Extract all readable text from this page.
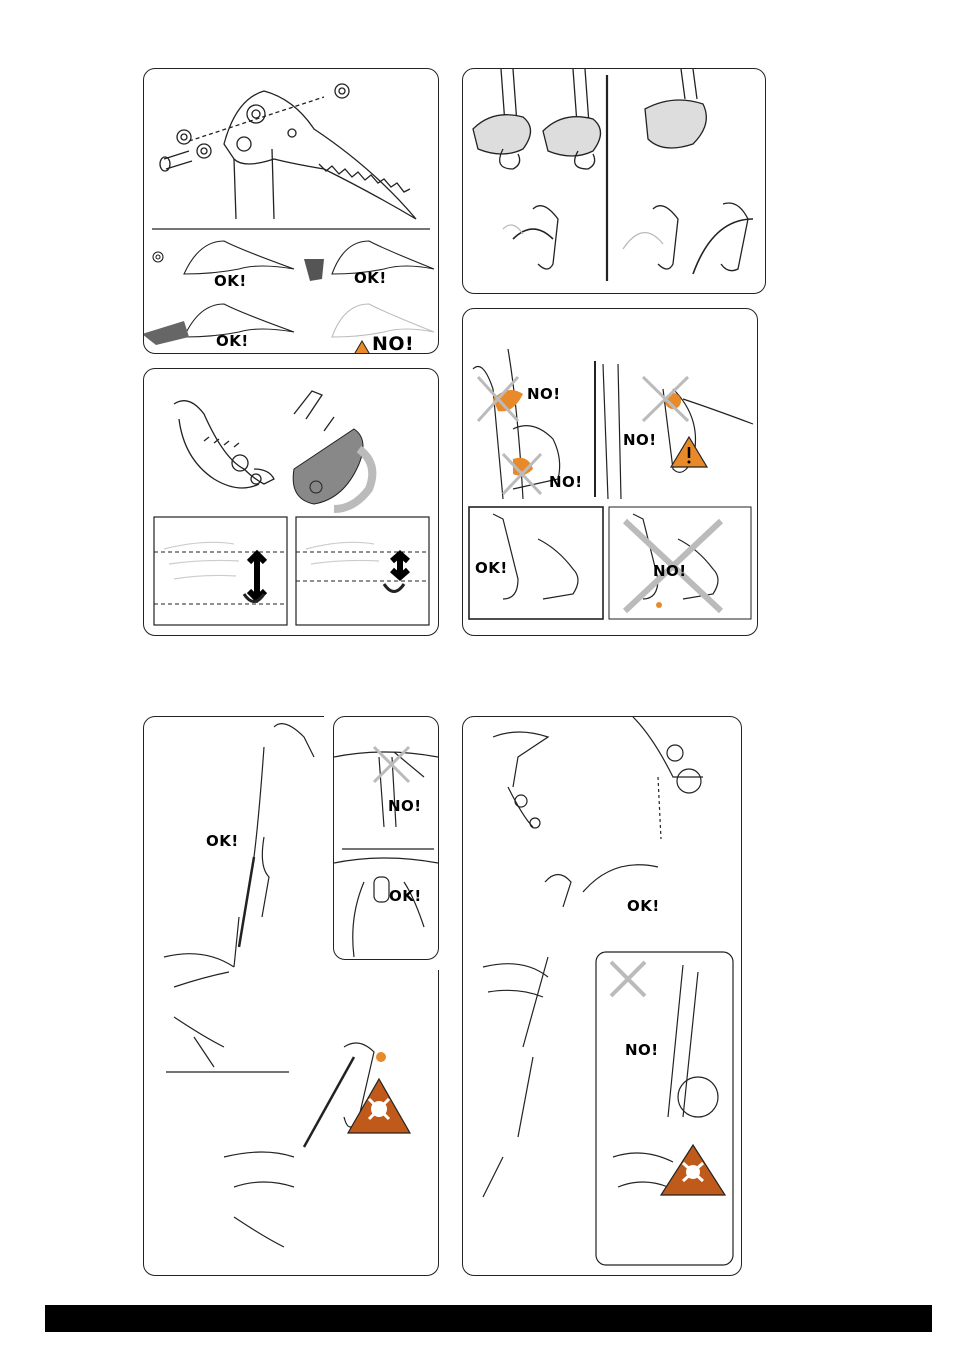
OK!	OK!
OK!	NO!
NO!
NO!
NO!
OK!	NO!
OK!
NO!
OK!
OK!
NO!
